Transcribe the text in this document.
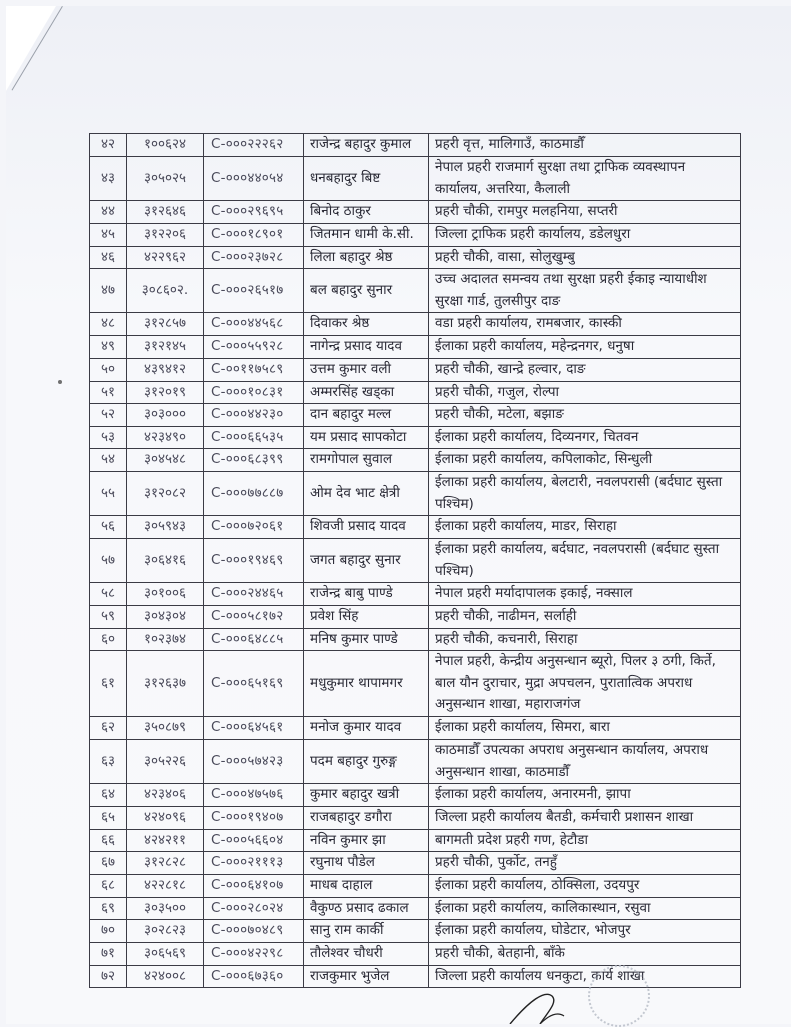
४२	१००६२४	C-०००२२२६२	राजेन्द्र बहादुर कुमाल	प्रहरी वृत्त, मालिगाउँ, काठमाडौँ
४३	३०५०२५	C-०००४४०५४	धनबहादुर बिष्ट	नेपाल प्रहरी राजमार्ग सुरक्षा तथा ट्राफिक व्यवस्थापन कार्यालय, अत्तरिया, कैलाली
४४	३१२६४६	C-०००२९६९५	बिनोद ठाकुर	प्रहरी चौकी, रामपुर मलहनिया, सप्तरी
४५	३१२२०६	C-०००१८९०१	जितमान धामी के.सी.	जिल्ला ट्राफिक प्रहरी कार्यालय, डडेलधुरा
४६	४२२९६२	C-०००२३७२८	लिला बहादुर श्रेष्ठ	प्रहरी चौकी, वासा, सोलुखुम्बु
४७	३०८६०२.	C-०००२६५१७	बल बहादुर सुनार	उच्च अदालत समन्वय तथा सुरक्षा प्रहरी ईकाइ न्यायाधीश सुरक्षा गार्ड, तुलसीपुर दाङ
४८	३१२८५७	C-०००४४५६८	दिवाकर श्रेष्ठ	वडा प्रहरी कार्यालय, रामबजार, कास्की
४९	३१२१४५	C-०००५५९२८	नागेन्द्र प्रसाद यादव	ईलाका प्रहरी कार्यालय, महेन्द्रनगर, धनुषा
५०	४३९४१२	C-००११७५८९	उत्तम कुमार वली	प्रहरी चौकी, खान्द्रे हल्वार, दाङ
५१	३१२०१९	C-०००१०८३१	अम्मरसिंह खड्का	प्रहरी चौकी, गजुल, रोल्पा
५२	३०३०००	C-०००४४२३०	दान बहादुर मल्ल	प्रहरी चौकी, मटेला, बझाङ
५३	४२३४९०	C-०००६६५३५	यम प्रसाद सापकोटा	ईलाका प्रहरी कार्यालय, दिव्यनगर, चितवन
५४	३०४५४८	C-०००६८३९९	रामगोपाल सुवाल	ईलाका प्रहरी कार्यालय, कपिलाकोट, सिन्धुली
५५	३१२०८२	C-०००७७८८७	ओम देव भाट क्षेत्री	ईलाका प्रहरी कार्यालय, बेलटारी, नवलपरासी (बर्दघाट सुस्ता पश्चिम)
५६	३०५९४३	C-०००७२०६१	शिवजी प्रसाद यादव	ईलाका प्रहरी कार्यालय, माडर, सिराहा
५७	३०६४१६	C-०००१९४६९	जगत बहादुर सुनार	ईलाका प्रहरी कार्यालय, बर्दघाट, नवलपरासी (बर्दघाट सुस्ता पश्चिम)
५८	३०१००६	C-०००२४४६५	राजेन्द्र बाबु पाण्डे	नेपाल प्रहरी मर्यादापालक इकाई, नक्साल
५९	३०४३०४	C-०००५८१७२	प्रवेश सिंह	प्रहरी चौकी, नाढीमन, सर्लाही
६०	१०२३७४	C-०००६४८८५	मनिष कुमार पाण्डे	प्रहरी चौकी, कचनारी, सिराहा
६१	३१२६३७	C-०००६५१६९	मधुकुमार थापामगर	नेपाल प्रहरी, केन्द्रीय अनुसन्धान ब्यूरो, पिलर ३ ठगी, किर्ते, बाल यौन दुराचार, मुद्रा अपचलन, पुरातात्विक अपराध अनुसन्धान शाखा, महाराजगंज
६२	३५०८७९	C-०००६४५६१	मनोज कुमार यादव	ईलाका प्रहरी कार्यालय, सिमरा, बारा
६३	३०५२२६	C-०००५७४२३	पदम बहादुर गुरुङ्ग	काठमाडौँ उपत्यका अपराध अनुसन्धान कार्यालय, अपराध अनुसन्धान शाखा, काठमाडौँ
६४	४२३४०६	C-०००४७५७६	कुमार बहादुर खत्री	ईलाका प्रहरी कार्यालय, अनारमनी, झापा
६५	४२४०९६	C-०००१९४०७	राजबहादुर डगौरा	जिल्ला प्रहरी कार्यालय बैतडी, कर्मचारी प्रशासन शाखा
६६	४२४२११	C-०००५६६०४	नविन कुमार झा	बागमती प्रदेश प्रहरी गण, हेटौडा
६७	३१२८२८	C-०००२१११३	रघुनाथ पौडेल	प्रहरी चौकी, पुर्कोट, तनहुँ
६८	४२२८१८	C-०००६४१०७	माधब दाहाल	ईलाका प्रहरी कार्यालय, ठोक्सिला, उदयपुर
६९	३०३५००	C-०००२८०२४	वैकुण्ठ प्रसाद ढकाल	ईलाका प्रहरी कार्यालय, कालिकास्थान, रसुवा
७०	३०२८२३	C-०००७०४८९	सानु राम कार्की	ईलाका प्रहरी कार्यालय, घोडेटार, भोजपुर
७१	३०६५६९	C-०००४२२९८	तौलेश्वर चौधरी	प्रहरी चौकी, बेतहानी, बाँके
७२	४२४००८	C-०००६७३६०	राजकुमार भुजेल	जिल्ला प्रहरी कार्यालय धनकुटा, कार्य शाखा
